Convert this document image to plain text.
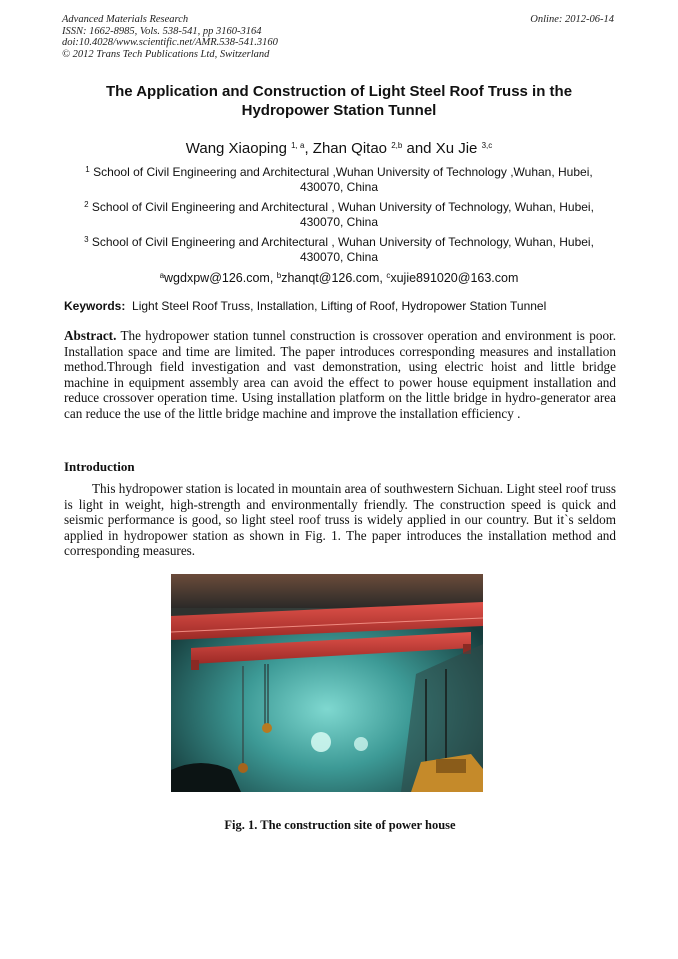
Advanced Materials Research
ISSN: 1662-8985, Vols. 538-541, pp 3160-3164
doi:10.4028/www.scientific.net/AMR.538-541.3160
© 2012 Trans Tech Publications Ltd, Switzerland
Online: 2012-06-14
The Application and Construction of Light Steel Roof Truss in the Hydropower Station Tunnel
Wang Xiaoping $^{1, a}$, Zhan Qitao $^{2,b}$ and Xu Jie $^{3,c}$
$^1$ School of Civil Engineering and Architectural ,Wuhan University of Technology ,Wuhan, Hubei, 430070, China
$^2$ School of Civil Engineering and Architectural , Wuhan University of Technology, Wuhan, Hubei, 430070, China
$^3$ School of Civil Engineering and Architectural , Wuhan University of Technology, Wuhan, Hubei, 430070, China
$^a$wgdxpw@126.com, $^b$zhanqt@126.com, $^c$xujie891020@163.com
Keywords: Light Steel Roof Truss, Installation, Lifting of Roof, Hydropower Station Tunnel
Abstract. The hydropower station tunnel construction is crossover operation and environment is poor. Installation space and time are limited. The paper introduces corresponding measures and installation method.Through field investigation and vast demonstration, using electric hoist and little bridge machine in equipment assembly area can avoid the effect to power house equipment installation and reduce crossover operation time. Using installation platform on the little bridge in hydro-generator area can reduce the use of the little bridge machine and improve the installation efficiency .
Introduction
This hydropower station is located in mountain area of southwestern Sichuan. Light steel roof truss is light in weight, high-strength and environmentally friendly. The construction speed is quick and seismic performance is good, so light steel roof truss is widely applied in our country. But it`s seldom applied in hydropower station as shown in Fig. 1. The paper introduces the installation method and corresponding measures.
Fig. 1. The construction site of power house
